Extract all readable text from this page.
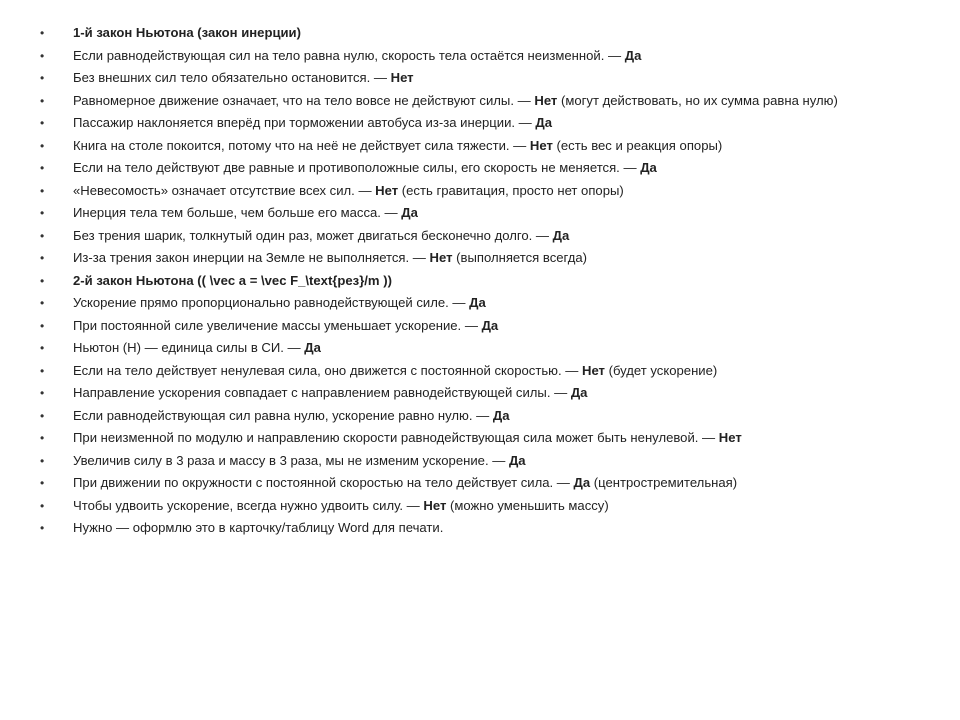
• 1-й закон Ньютона (закон инерции)
• Если равнодействующая сил на тело равна нулю, скорость тела остаётся неизменной. — Да
• Без внешних сил тело обязательно остановится. — Нет
• Равномерное движение означает, что на тело вовсе не действуют силы. — Нет (могут действовать, но их сумма равна нулю)
• Пассажир наклоняется вперёд при торможении автобуса из-за инерции. — Да
• Книга на столе покоится, потому что на неё не действует сила тяжести. — Нет (есть вес и реакция опоры)
• Если на тело действуют две равные и противоположные силы, его скорость не меняется. — Да
• «Невесомость» означает отсутствие всех сил. — Нет (есть гравитация, просто нет опоры)
• Инерция тела тем больше, чем больше его масса. — Да
• Без трения шарик, толкнутый один раз, может двигаться бесконечно долго. — Да
• Из-за трения закон инерции на Земле не выполняется. — Нет (выполняется всегда)
• 2-й закон Ньютона (( \vec a = \vec F_\text{рез}/m ))
• Ускорение прямо пропорционально равнодействующей силе. — Да
• При постоянной силе увеличение массы уменьшает ускорение. — Да
• Ньютон (Н) — единица силы в СИ. — Да
• Если на тело действует ненулевая сила, оно движется с постоянной скоростью. — Нет (будет ускорение)
• Направление ускорения совпадает с направлением равнодействующей силы. — Да
• Если равнодействующая сил равна нулю, ускорение равно нулю. — Да
• При неизменной по модулю и направлению скорости равнодействующая сила может быть ненулевой. — Нет
• Увеличив силу в 3 раза и массу в 3 раза, мы не изменим ускорение. — Да
• При движении по окружности с постоянной скоростью на тело действует сила. — Да (центростремительная)
• Чтобы удвоить ускорение, всегда нужно удвоить силу. — Нет (можно уменьшить массу)
• Нужно — оформлю это в карточку/таблицу Word для печати.
